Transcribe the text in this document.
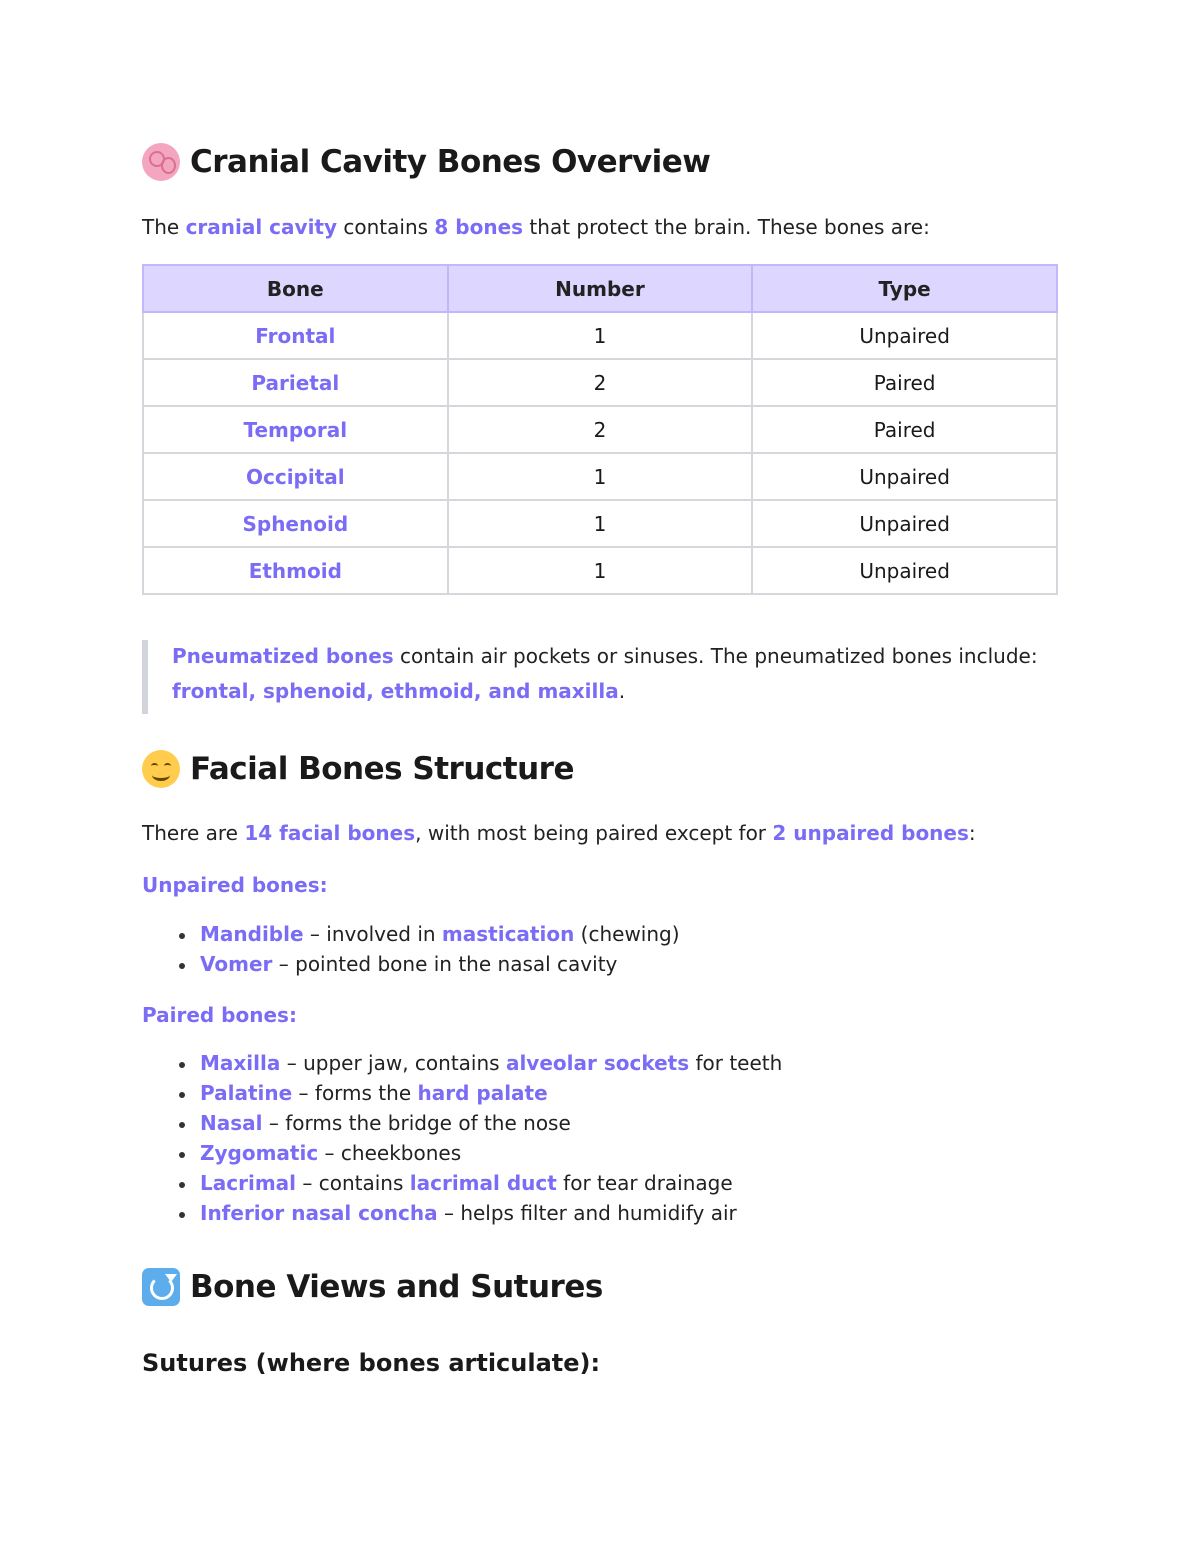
Cranial Cavity Bones Overview
The cranial cavity contains 8 bones that protect the brain. These bones are:
Bone	Number	Type
Frontal	1	Unpaired
Parietal	2	Paired
Temporal	2	Paired
Occipital	1	Unpaired
Sphenoid	1	Unpaired
Ethmoid	1	Unpaired
Pneumatized bones contain air pockets or sinuses. The pneumatized bones include:
frontal, sphenoid, ethmoid, and maxilla.
Facial Bones Structure
There are 14 facial bones, with most being paired except for 2 unpaired bones:
Unpaired bones:
Mandible – involved in mastication (chewing)
Vomer – pointed bone in the nasal cavity
Paired bones:
Maxilla – upper jaw, contains alveolar sockets for teeth
Palatine – forms the hard palate
Nasal – forms the bridge of the nose
Zygomatic – cheekbones
Lacrimal – contains lacrimal duct for tear drainage
Inferior nasal concha – helps filter and humidify air
Bone Views and Sutures
Sutures (where bones articulate):
